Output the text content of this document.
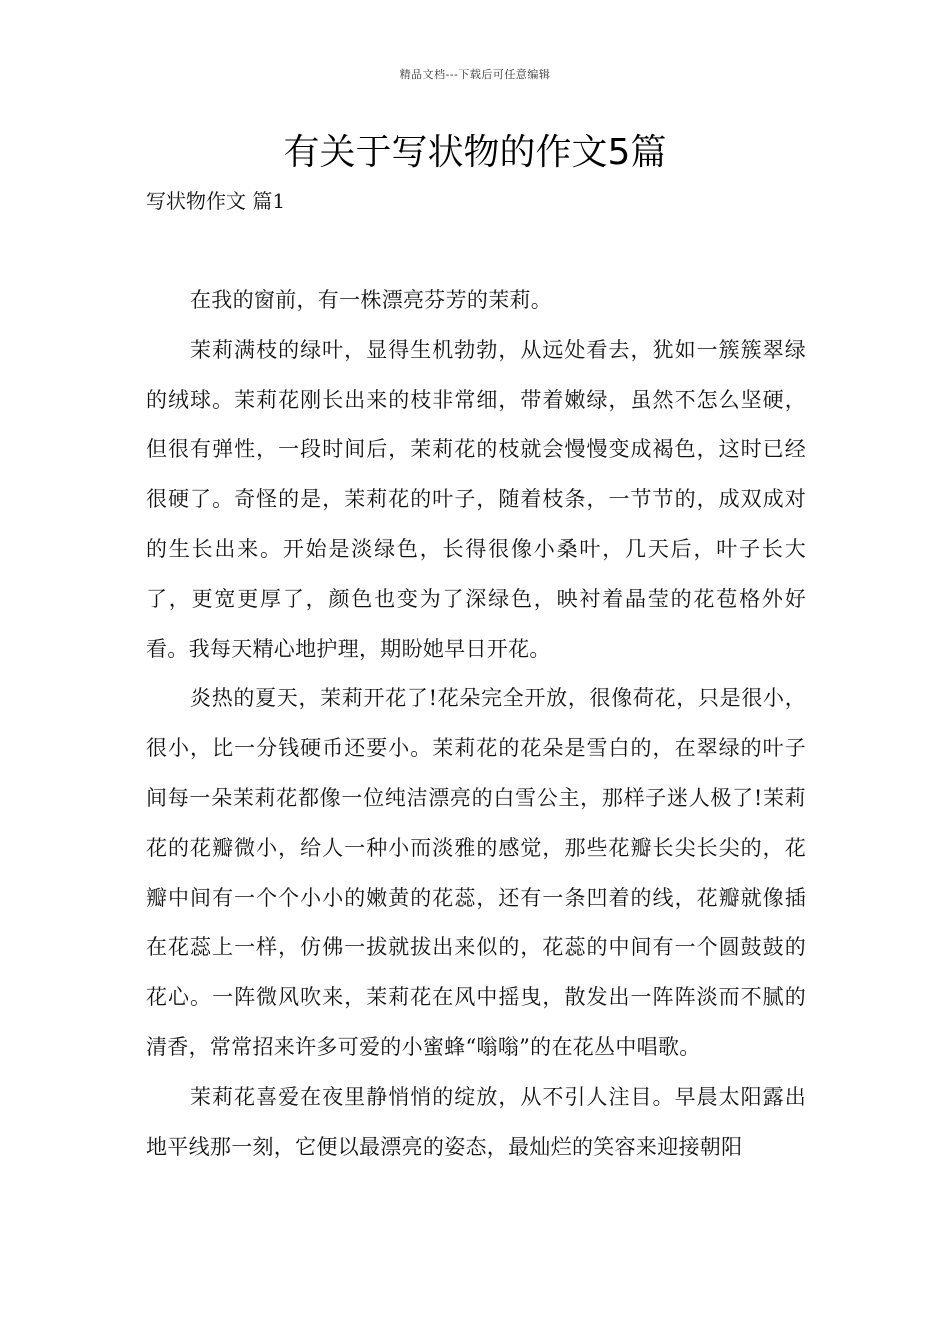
精品文档---下载后可任意编辑
有关于写状物的作文5篇
写状物作文 篇1

在我的窗前，有一株漂亮芬芳的茉莉。

茉莉满枝的绿叶，显得生机勃勃，从远处看去，犹如一簇簇翠绿的绒球。茉莉花刚长出来的枝非常细，带着嫩绿，虽然不怎么坚硬，但很有弹性，一段时间后，茉莉花的枝就会慢慢变成褐色，这时已经很硬了。奇怪的是，茉莉花的叶子，随着枝条，一节节的，成双成对的生长出来。开始是淡绿色，长得很像小桑叶，几天后，叶子长大了，更宽更厚了，颜色也变为了深绿色，映衬着晶莹的花苞格外好看。我每天精心地护理，期盼她早日开花。

炎热的夏天，茉莉开花了!花朵完全开放，很像荷花，只是很小，很小，比一分钱硬币还要小。茉莉花的花朵是雪白的，在翠绿的叶子间每一朵茉莉花都像一位纯洁漂亮的白雪公主，那样子迷人极了!茉莉花的花瓣微小，给人一种小而淡雅的感觉，那些花瓣长尖长尖的，花瓣中间有一个个小小的嫩黄的花蕊，还有一条凹着的线，花瓣就像插在花蕊上一样，仿佛一拔就拔出来似的，花蕊的中间有一个圆鼓鼓的花心。一阵微风吹来，茉莉花在风中摇曳，散发出一阵阵淡而不腻的清香，常常招来许多可爱的小蜜蜂“嗡嗡”的在花丛中唱歌。

茉莉花喜爱在夜里静悄悄的绽放，从不引人注目。早晨太阳露出地平线那一刻，它便以最漂亮的姿态，最灿烂的笑容来迎接朝阳
